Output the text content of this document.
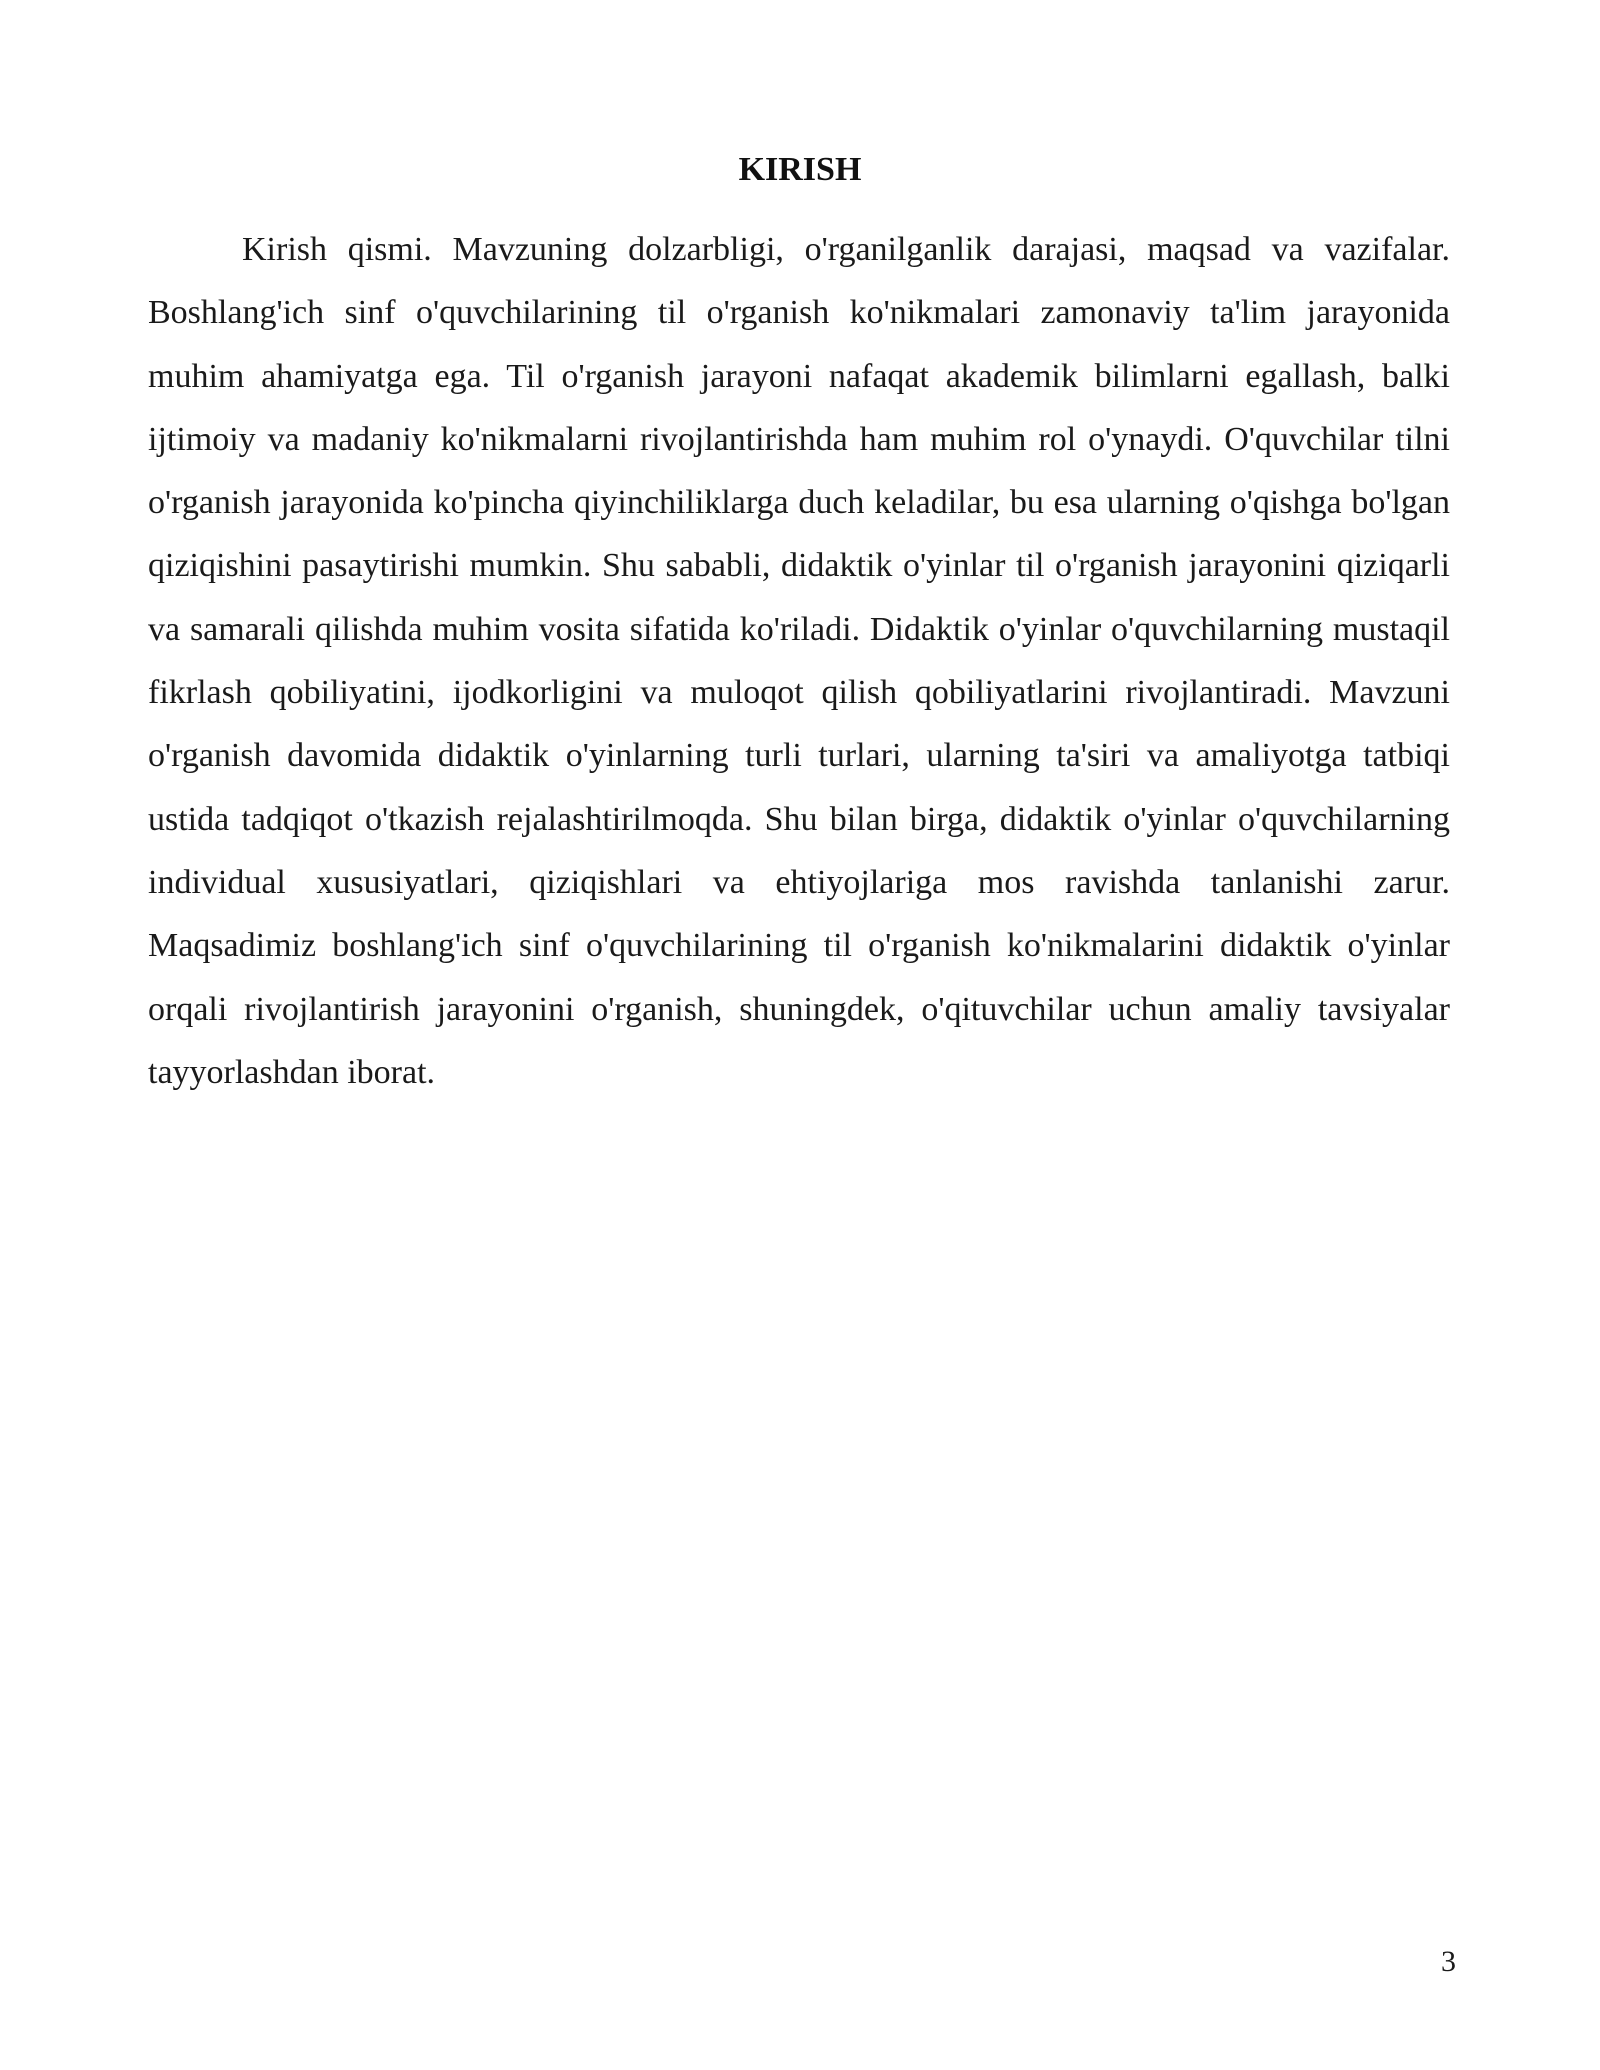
KIRISH

Kirish qismi. Mavzuning dolzarbligi, o'rganilganlik darajasi, maqsad va vazifalar. Boshlang'ich sinf o'quvchilarining til o'rganish ko'nikmalari zamonaviy ta'lim jarayonida muhim ahamiyatga ega. Til o'rganish jarayoni nafaqat akademik bilimlarni egallash, balki ijtimoiy va madaniy ko'nikmalarni rivojlantirishda ham muhim rol o'ynaydi. O'quvchilar tilni o'rganish jarayonida ko'pincha qiyinchiliklarga duch keladilar, bu esa ularning o'qishga bo'lgan qiziqishini pasaytirishi mumkin. Shu sababli, didaktik o'yinlar til o'rganish jarayonini qiziqarli va samarali qilishda muhim vosita sifatida ko'riladi. Didaktik o'yinlar o'quvchilarning mustaqil fikrlash qobiliyatini, ijodkorligini va muloqot qilish qobiliyatlarini rivojlantiradi. Mavzuni o'rganish davomida didaktik o'yinlarning turli turlari, ularning ta'siri va amaliyotga tatbiqi ustida tadqiqot o'tkazish rejalashtirilmoqda. Shu bilan birga, didaktik o'yinlar o'quvchilarning individual xususiyatlari, qiziqishlari va ehtiyojlariga mos ravishda tanlanishi zarur. Maqsadimiz boshlang'ich sinf o'quvchilarining til o'rganish ko'nikmalarini didaktik o'yinlar orqali rivojlantirish jarayonini o'rganish, shuningdek, o'qituvchilar uchun amaliy tavsiyalar tayyorlashdan iborat.

3
